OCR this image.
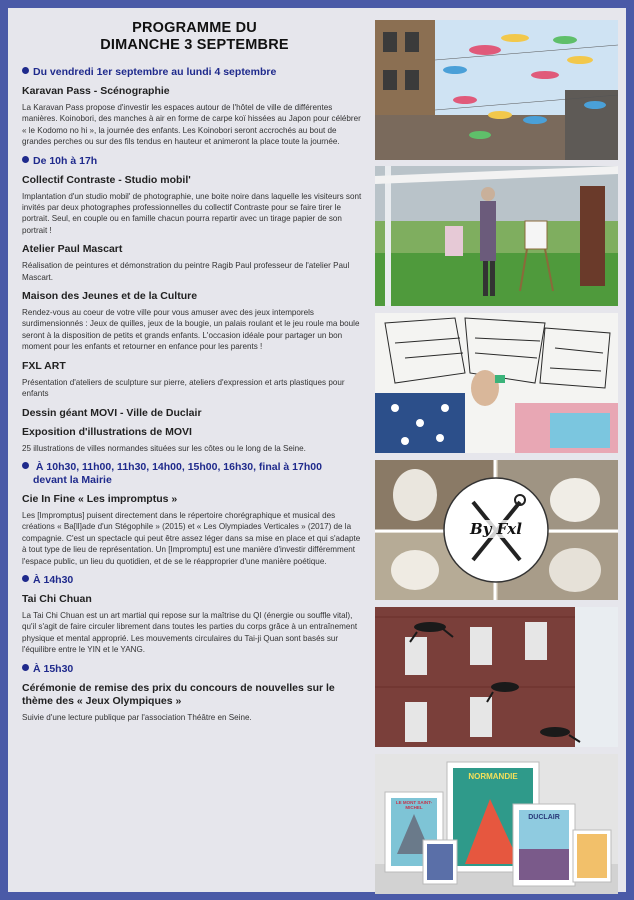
PROGRAMME DU
DIMANCHE 3 SEPTEMBRE
Du vendredi 1er septembre au lundi 4 septembre
Karavan Pass - Scénographie
La Karavan Pass propose d'investir les espaces autour de l'hôtel de ville de différentes manières. Koinobori, des manches à air en forme de carpe koï hissées au Japon pour célébrer « le Kodomo no hi », la journée des enfants. Les Koinobori seront accrochés au bout de grandes perches ou sur des fils tendus en hauteur et animeront la place toute la journée.
De 10h à 17h
Collectif Contraste - Studio mobil'
Implantation d'un studio mobil' de photographie, une boite noire dans laquelle les visiteurs sont invités par deux photographes professionnelles du collectif Contraste pour se faire tirer le portrait. Seul, en couple ou en famille chacun pourra repartir avec un tirage papier de son portrait !
Atelier Paul Mascart
Réalisation de peintures et démonstration du peintre Ragib Paul professeur de l'atelier Paul Mascart.
Maison des Jeunes et de la Culture
Rendez-vous au coeur de votre ville pour vous amuser avec des jeux intemporels surdimensionnés : Jeux de quilles, jeux de la bougie, un palais roulant et le jeu roule ma boule seront à la disposition de petits et grands enfants. L'occasion idéale pour partager un bon moment pour les enfants et retourner en enfance pour les parents !
FXL ART
Présentation d'ateliers de sculpture sur pierre, ateliers d'expression et arts plastiques pour enfants
Dessin géant MOVI - Ville de Duclair
Exposition d'illustrations de MOVI
25 illustrations de villes normandes situées sur les côtes ou le long de la Seine.
À 10h30, 11h00, 11h30, 14h00, 15h00, 16h30, final à 17h00
devant la Mairie
Cie In Fine « Les impromptus »
Les [Impromptus] puisent directement dans le répertoire chorégraphique et musical des créations « Ba[ll]ade d'un Stégophile » (2015) et « Les Olympiades Verticales » (2017) de la compagnie. C'est un spectacle qui peut être assez léger dans sa mise en place et qui s'adapte à tout type de lieu de représentation. Un [Impromptu] est une manière d'investir différemment l'espace public, un lieu du quotidien, et de se le réapproprier d'une manière poétique.
À 14h30
Tai Chi Chuan
La Tai Chi Chuan est un art martial qui repose sur la maîtrise du QI (énergie ou souffle vital), qu'il s'agit de faire circuler librement dans toutes les parties du corps grâce à un entraînement physique et mental approprié. Les mouvements circulaires du Tai-ji Quan sont basés sur l'équilibre entre le YIN et le YANG.
À 15h30
Cérémonie de remise des prix du concours de nouvelles sur le thème des « Jeux Olympiques »
Suivie d'une lecture publique par l'association Théâtre en Seine.
By Fxl
NORMANDIE
LE MONT SAINT-MICHEL
DUCLAIR
